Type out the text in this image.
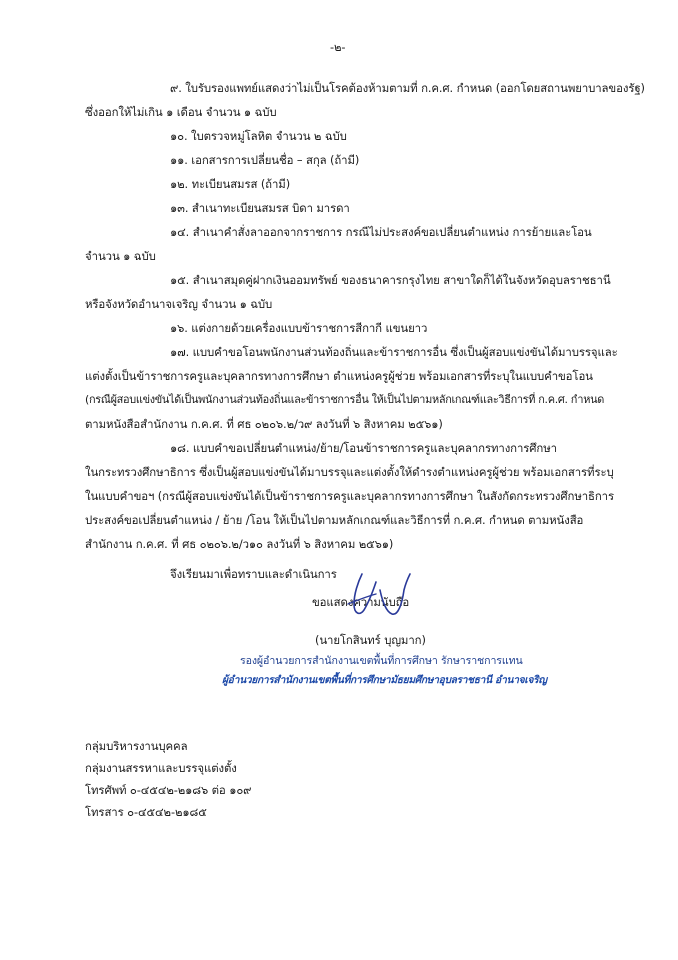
-๒-
๙. ใบรับรองแพทย์แสดงว่าไม่เป็นโรคต้องห้ามตามที่ ก.ค.ศ. กำหนด (ออกโดยสถานพยาบาลของรัฐ)
ซึ่งออกให้ไม่เกิน ๑ เดือน จำนวน ๑ ฉบับ
๑๐. ใบตรวจหมู่โลหิต จำนวน ๒ ฉบับ
๑๑. เอกสารการเปลี่ยนชื่อ – สกุล (ถ้ามี)
๑๒. ทะเบียนสมรส (ถ้ามี)
๑๓. สำเนาทะเบียนสมรส บิดา มารดา
๑๔. สำเนาคำสั่งลาออกจากราชการ กรณีไม่ประสงค์ขอเปลี่ยนตำแหน่ง การย้ายและโอน
จำนวน ๑ ฉบับ
๑๕. สำเนาสมุดคู่ฝากเงินออมทรัพย์ ของธนาคารกรุงไทย สาขาใดก็ได้ในจังหวัดอุบลราชธานี
หรือจังหวัดอำนาจเจริญ จำนวน ๑ ฉบับ
๑๖. แต่งกายด้วยเครื่องแบบข้าราชการสีกากี แขนยาว
๑๗. แบบคำขอโอนพนักงานส่วนท้องถิ่นและข้าราชการอื่น ซึ่งเป็นผู้สอบแข่งขันได้มาบรรจุและ
แต่งตั้งเป็นข้าราชการครูและบุคลากรทางการศึกษา ตำแหน่งครูผู้ช่วย พร้อมเอกสารที่ระบุในแบบคำขอโอน
(กรณีผู้สอบแข่งขันได้เป็นพนักงานส่วนท้องถิ่นและข้าราชการอื่น ให้เป็นไปตามหลักเกณฑ์และวิธีการที่ ก.ค.ศ. กำหนด
ตามหนังสือสำนักงาน ก.ค.ศ. ที่ ศธ ๐๒๐๖.๒/ว๙ ลงวันที่ ๖ สิงหาคม ๒๕๖๑)
๑๘. แบบคำขอเปลี่ยนตำแหน่ง/ย้าย/โอนข้าราชการครูและบุคลากรทางการศึกษา
ในกระทรวงศึกษาธิการ ซึ่งเป็นผู้สอบแข่งขันได้มาบรรจุและแต่งตั้งให้ดำรงตำแหน่งครูผู้ช่วย พร้อมเอกสารที่ระบุ
ในแบบคำขอฯ (กรณีผู้สอบแข่งขันได้เป็นข้าราชการครูและบุคลากรทางการศึกษา ในสังกัดกระทรวงศึกษาธิการ
ประสงค์ขอเปลี่ยนตำแหน่ง / ย้าย /โอน ให้เป็นไปตามหลักเกณฑ์และวิธีการที่ ก.ค.ศ. กำหนด ตามหนังสือ
สำนักงาน ก.ค.ศ. ที่ ศธ ๐๒๐๖.๒/ว๑๐ ลงวันที่ ๖ สิงหาคม ๒๕๖๑)
จึงเรียนมาเพื่อทราบและดำเนินการ
ขอแสดงความนับถือ
(นายโกสินทร์ บุญมาก)
รองผู้อำนวยการสำนักงานเขตพื้นที่การศึกษา รักษาราชการแทน
ผู้อำนวยการสำนักงานเขตพื้นที่การศึกษามัธยมศึกษาอุบลราชธานี อำนาจเจริญ
กลุ่มบริหารงานบุคคล
กลุ่มงานสรรหาและบรรจุแต่งตั้ง
โทรศัพท์ ๐-๔๕๔๒-๒๑๘๖ ต่อ ๑๐๙
โทรสาร ๐-๔๕๔๒-๒๑๘๕
